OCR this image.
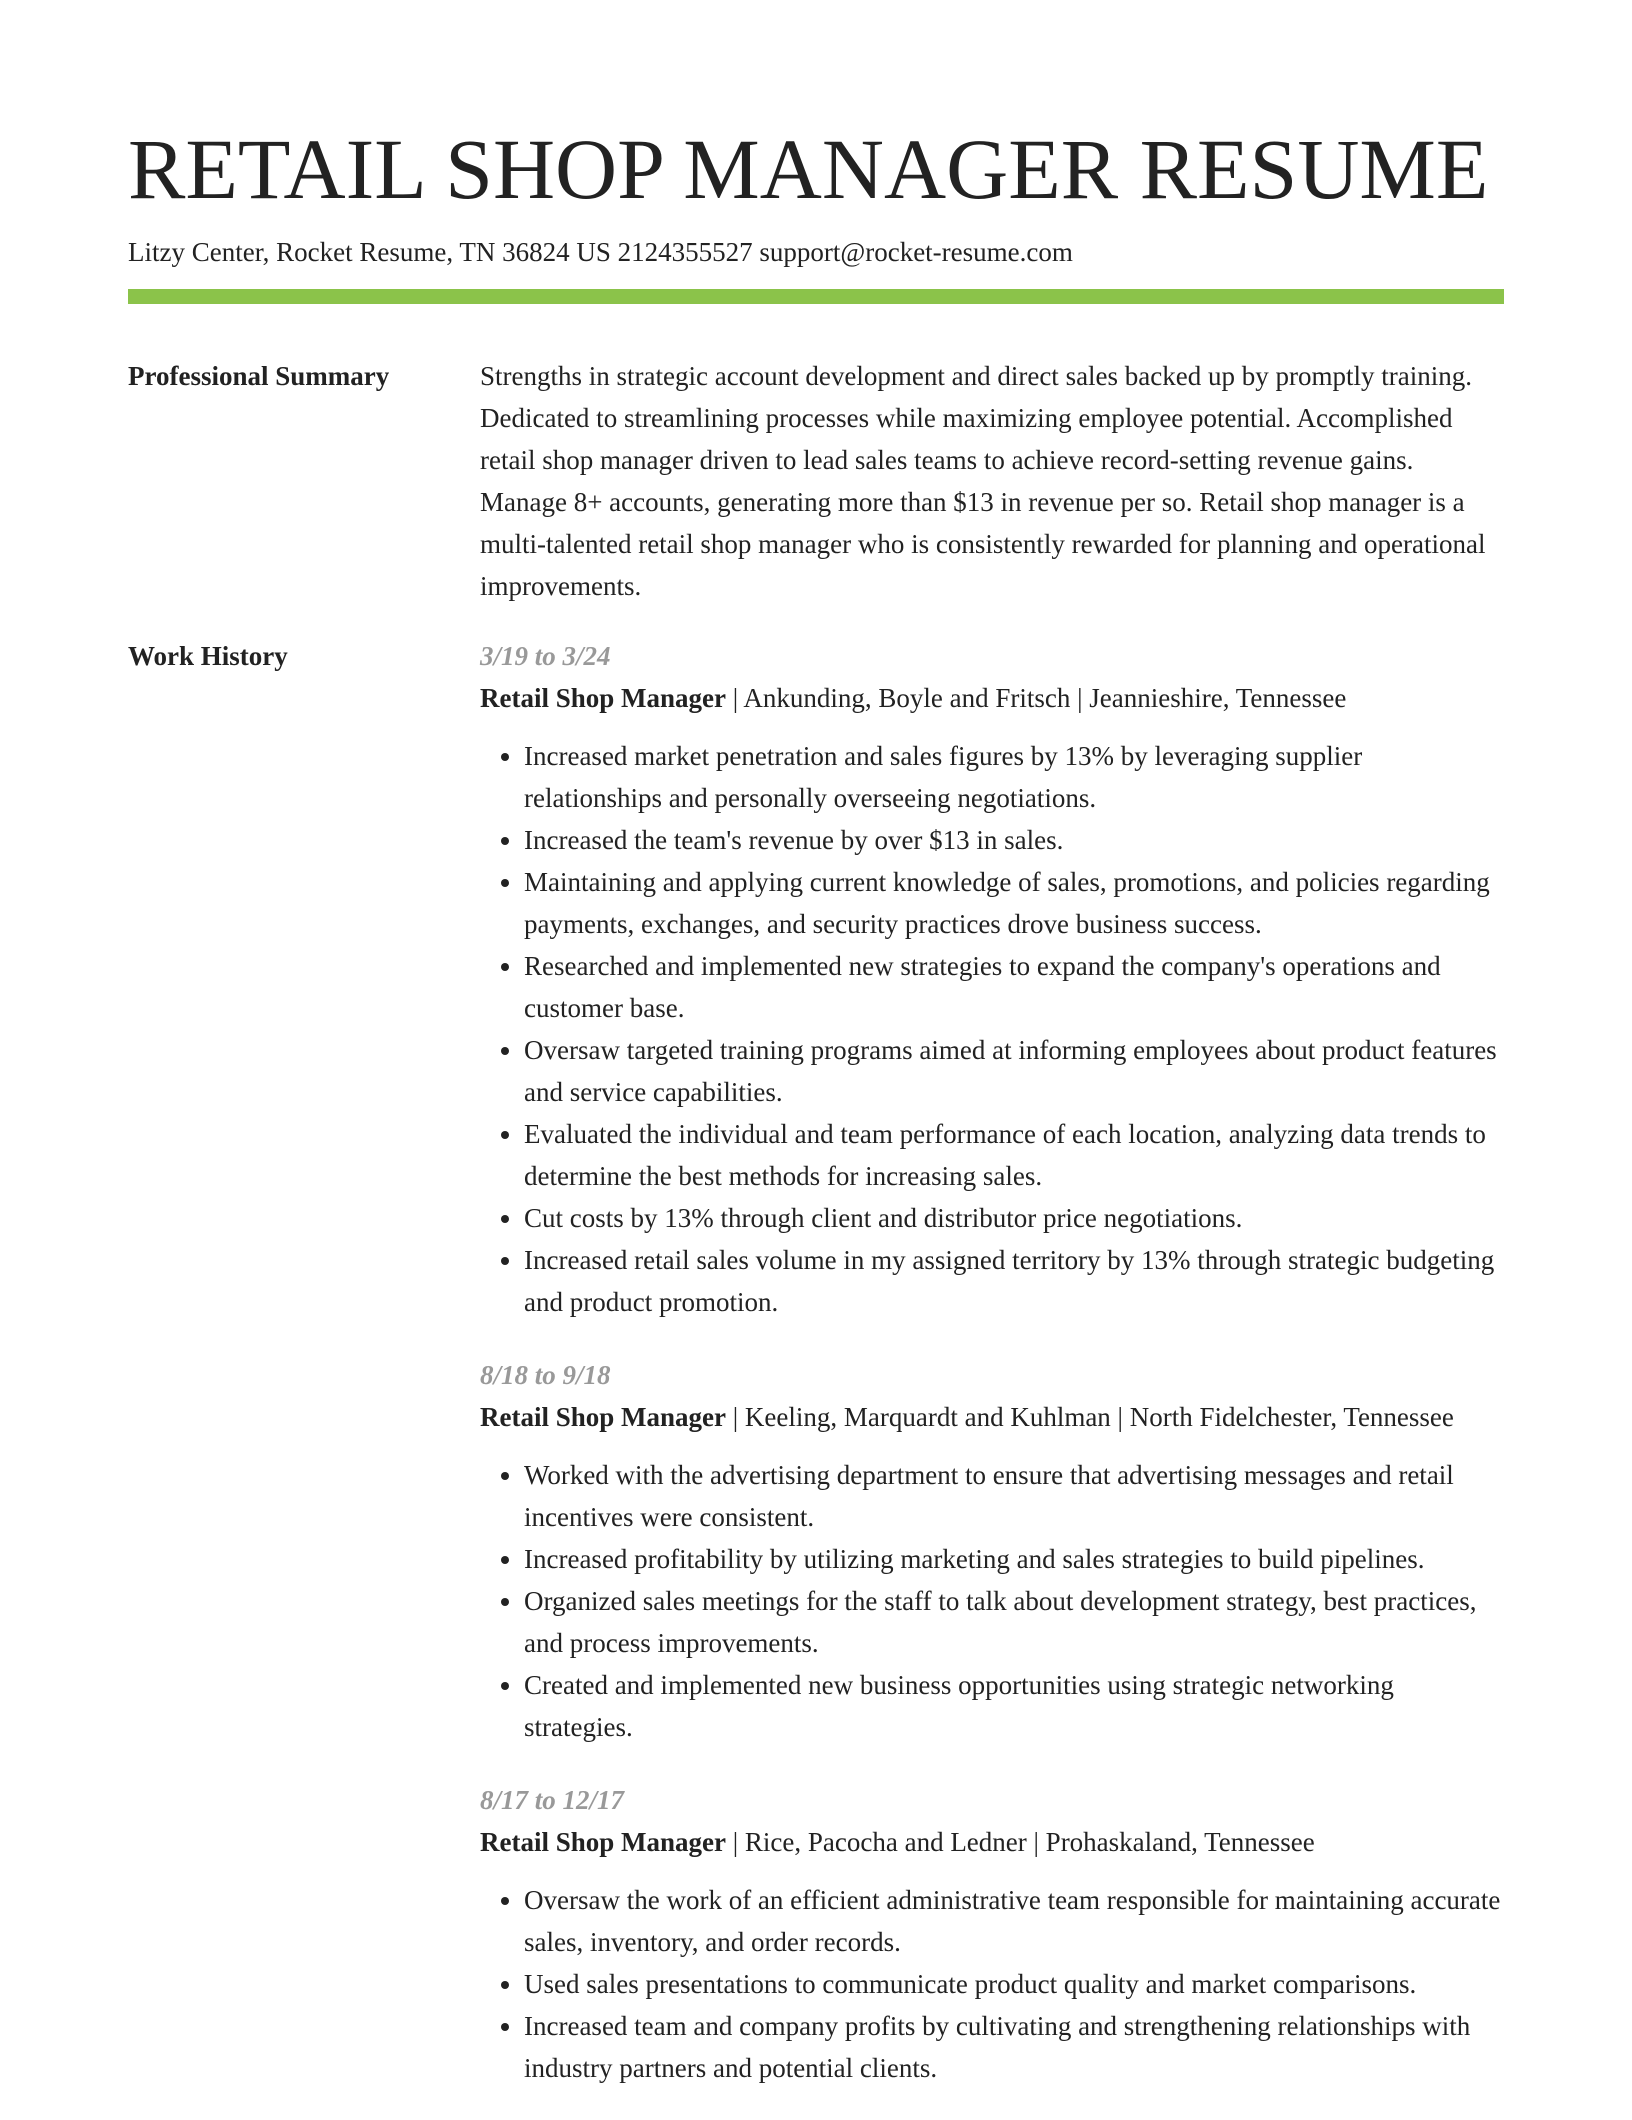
RETAIL SHOP MANAGER RESUME
Litzy Center, Rocket Resume, TN 36824 US 2124355527 support@rocket-resume.com
Professional Summary	Strengths in strategic account development and direct sales backed up by promptly training. Dedicated to streamlining processes while maximizing employee potential. Accomplished retail shop manager driven to lead sales teams to achieve record-setting revenue gains. Manage 8+ accounts, generating more than $13 in revenue per so. Retail shop manager is a multi-talented retail shop manager who is consistently rewarded for planning and operational improvements.

Work History	3/19 to 3/24
Retail Shop Manager | Ankunding, Boyle and Fritsch | Jeannieshire, Tennessee
• Increased market penetration and sales figures by 13% by leveraging supplier relationships and personally overseeing negotiations.
• Increased the team's revenue by over $13 in sales.
• Maintaining and applying current knowledge of sales, promotions, and policies regarding payments, exchanges, and security practices drove business success.
• Researched and implemented new strategies to expand the company's operations and customer base.
• Oversaw targeted training programs aimed at informing employees about product features and service capabilities.
• Evaluated the individual and team performance of each location, analyzing data trends to determine the best methods for increasing sales.
• Cut costs by 13% through client and distributor price negotiations.
• Increased retail sales volume in my assigned territory by 13% through strategic budgeting and product promotion.
8/18 to 9/18
Retail Shop Manager | Keeling, Marquardt and Kuhlman | North Fidelchester, Tennessee
• Worked with the advertising department to ensure that advertising messages and retail incentives were consistent.
• Increased profitability by utilizing marketing and sales strategies to build pipelines.
• Organized sales meetings for the staff to talk about development strategy, best practices, and process improvements.
• Created and implemented new business opportunities using strategic networking strategies.
8/17 to 12/17
Retail Shop Manager | Rice, Pacocha and Ledner | Prohaskaland, Tennessee
• Oversaw the work of an efficient administrative team responsible for maintaining accurate sales, inventory, and order records.
• Used sales presentations to communicate product quality and market comparisons.
• Increased team and company profits by cultivating and strengthening relationships with industry partners and potential clients.
